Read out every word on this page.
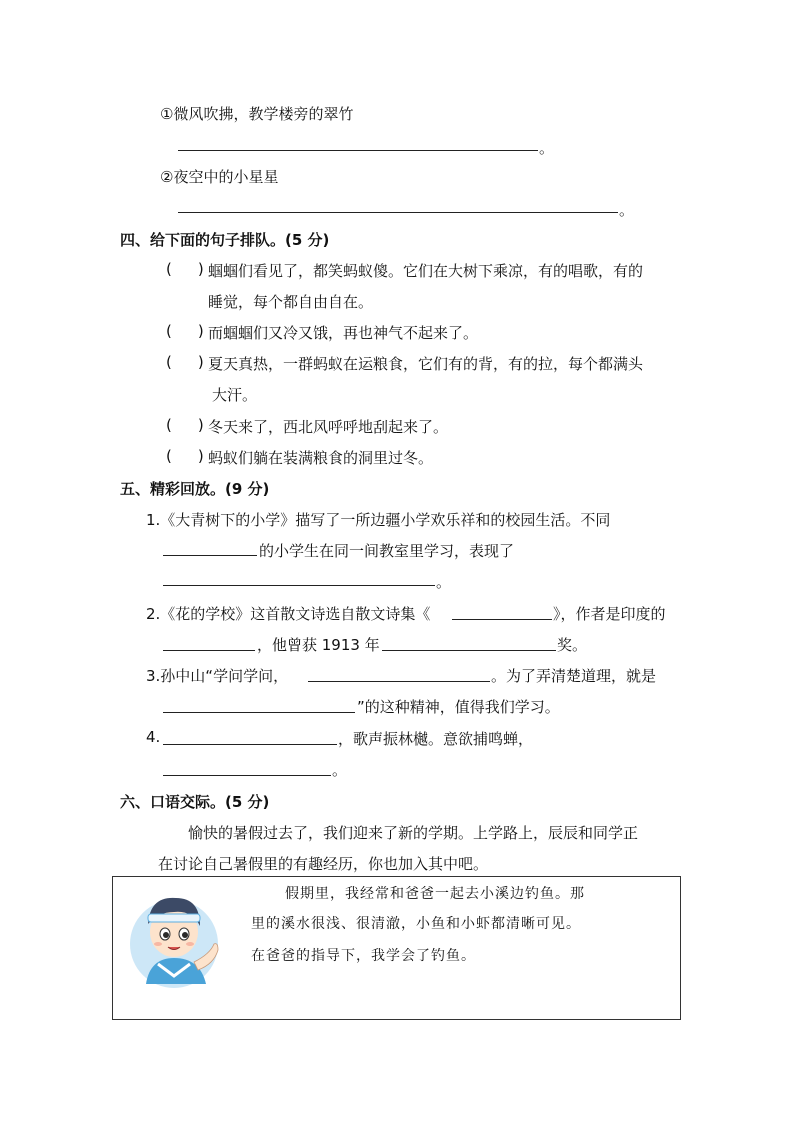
①微风吹拂，教学楼旁的翠竹
。
②夜空中的小星星
。
四、给下面的句子排队。(5 分)
( ) 蝈蝈们看见了，都笑蚂蚁傻。它们在大树下乘凉，有的唱歌，有的
睡觉，每个都自由自在。
( ) 而蝈蝈们又冷又饿，再也神气不起来了。
( ) 夏天真热，一群蚂蚁在运粮食，它们有的背，有的拉，每个都满头
大汗。
( ) 冬天来了，西北风呼呼地刮起来了。
( ) 蚂蚁们躺在装满粮食的洞里过冬。
五、精彩回放。(9 分)
1.《大青树下的小学》描写了一所边疆小学欢乐祥和的校园生活。不同
的小学生在同一间教室里学习，表现了
。
2.《花的学校》这首散文诗选自散文诗集《	》，作者是印度的
，他曾获 1913 年	奖。
3.孙中山“学问学问，	。为了弄清楚道理，就是
”的这种精神，值得我们学习。
4.	，歌声振林樾。意欲捕鸣蝉，
。
六、口语交际。(5 分)
愉快的暑假过去了，我们迎来了新的学期。上学路上，辰辰和同学正
在讨论自己暑假里的有趣经历，你也加入其中吧。
假期里，我经常和爸爸一起去小溪边钓鱼。那
里的溪水很浅、很清澈，小鱼和小虾都清晰可见。
在爸爸的指导下，我学会了钓鱼。
